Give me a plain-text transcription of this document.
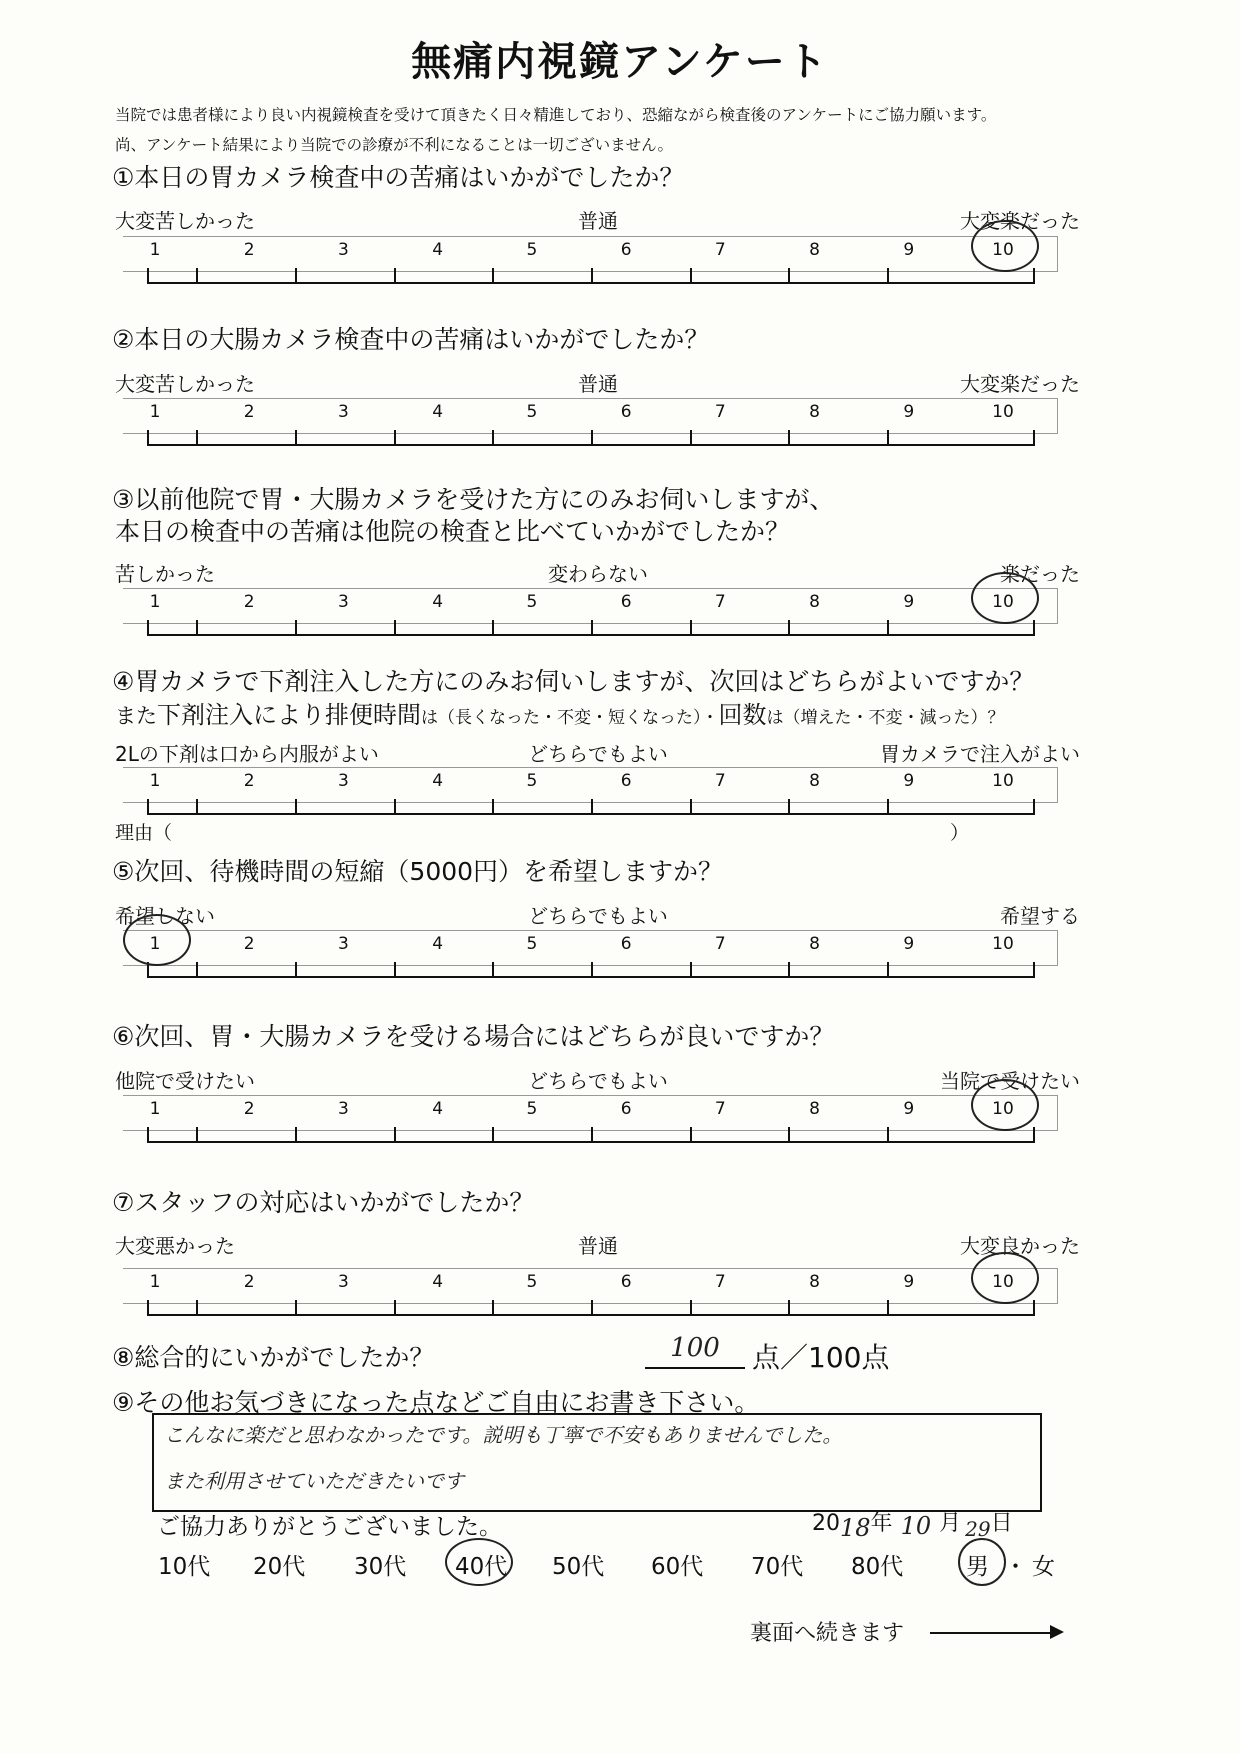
無痛内視鏡アンケート
当院では患者様により良い内視鏡検査を受けて頂きたく日々精進しており、恐縮ながら検査後のアンケートにご協力願います。
尚、アンケート結果により当院での診療が不利になることは一切ございません。
①本日の胃カメラ検査中の苦痛はいかがでしたか？
大変苦しかった	普通	大変楽だった
1	2	3	4	5	6	7	8	9	10
②本日の大腸カメラ検査中の苦痛はいかがでしたか？
大変苦しかった	普通	大変楽だった
1	2	3	4	5	6	7	8	9	10
③以前他院で胃・大腸カメラを受けた方にのみお伺いしますが、
本日の検査中の苦痛は他院の検査と比べていかがでしたか？
苦しかった	変わらない	楽だった
1	2	3	4	5	6	7	8	9	10
④胃カメラで下剤注入した方にのみお伺いしますが、次回はどちらがよいですか？
また下剤注入により排便時間は（長くなった・不変・短くなった）・回数は（増えた・不変・減った）？
2Lの下剤は口から内服がよい	どちらでもよい	胃カメラで注入がよい
1	2	3	4	5	6	7	8	9	10
理由（	）
⑤次回、待機時間の短縮（5000円）を希望しますか？
希望しない	どちらでもよい	希望する
1	2	3	4	5	6	7	8	9	10
⑥次回、胃・大腸カメラを受ける場合にはどちらが良いですか？
他院で受けたい	どちらでもよい	当院で受けたい
1	2	3	4	5	6	7	8	9	10
⑦スタッフの対応はいかがでしたか？
大変悪かった	普通	大変良かった
1	2	3	4	5	6	7	8	9	10
⑧総合的にいかがでしたか？	100	点／100点
⑨その他お気づきになった点などご自由にお書き下さい。
こんなに楽だと思わなかったです。説明も丁寧で不安もありませんでした。
また利用させていただきたいです
ご協力ありがとうございました。	2018年 10 月 29日
10代 20代 30代 40代 50代 60代 70代 80代	男 ・ 女
裏面へ続きます
